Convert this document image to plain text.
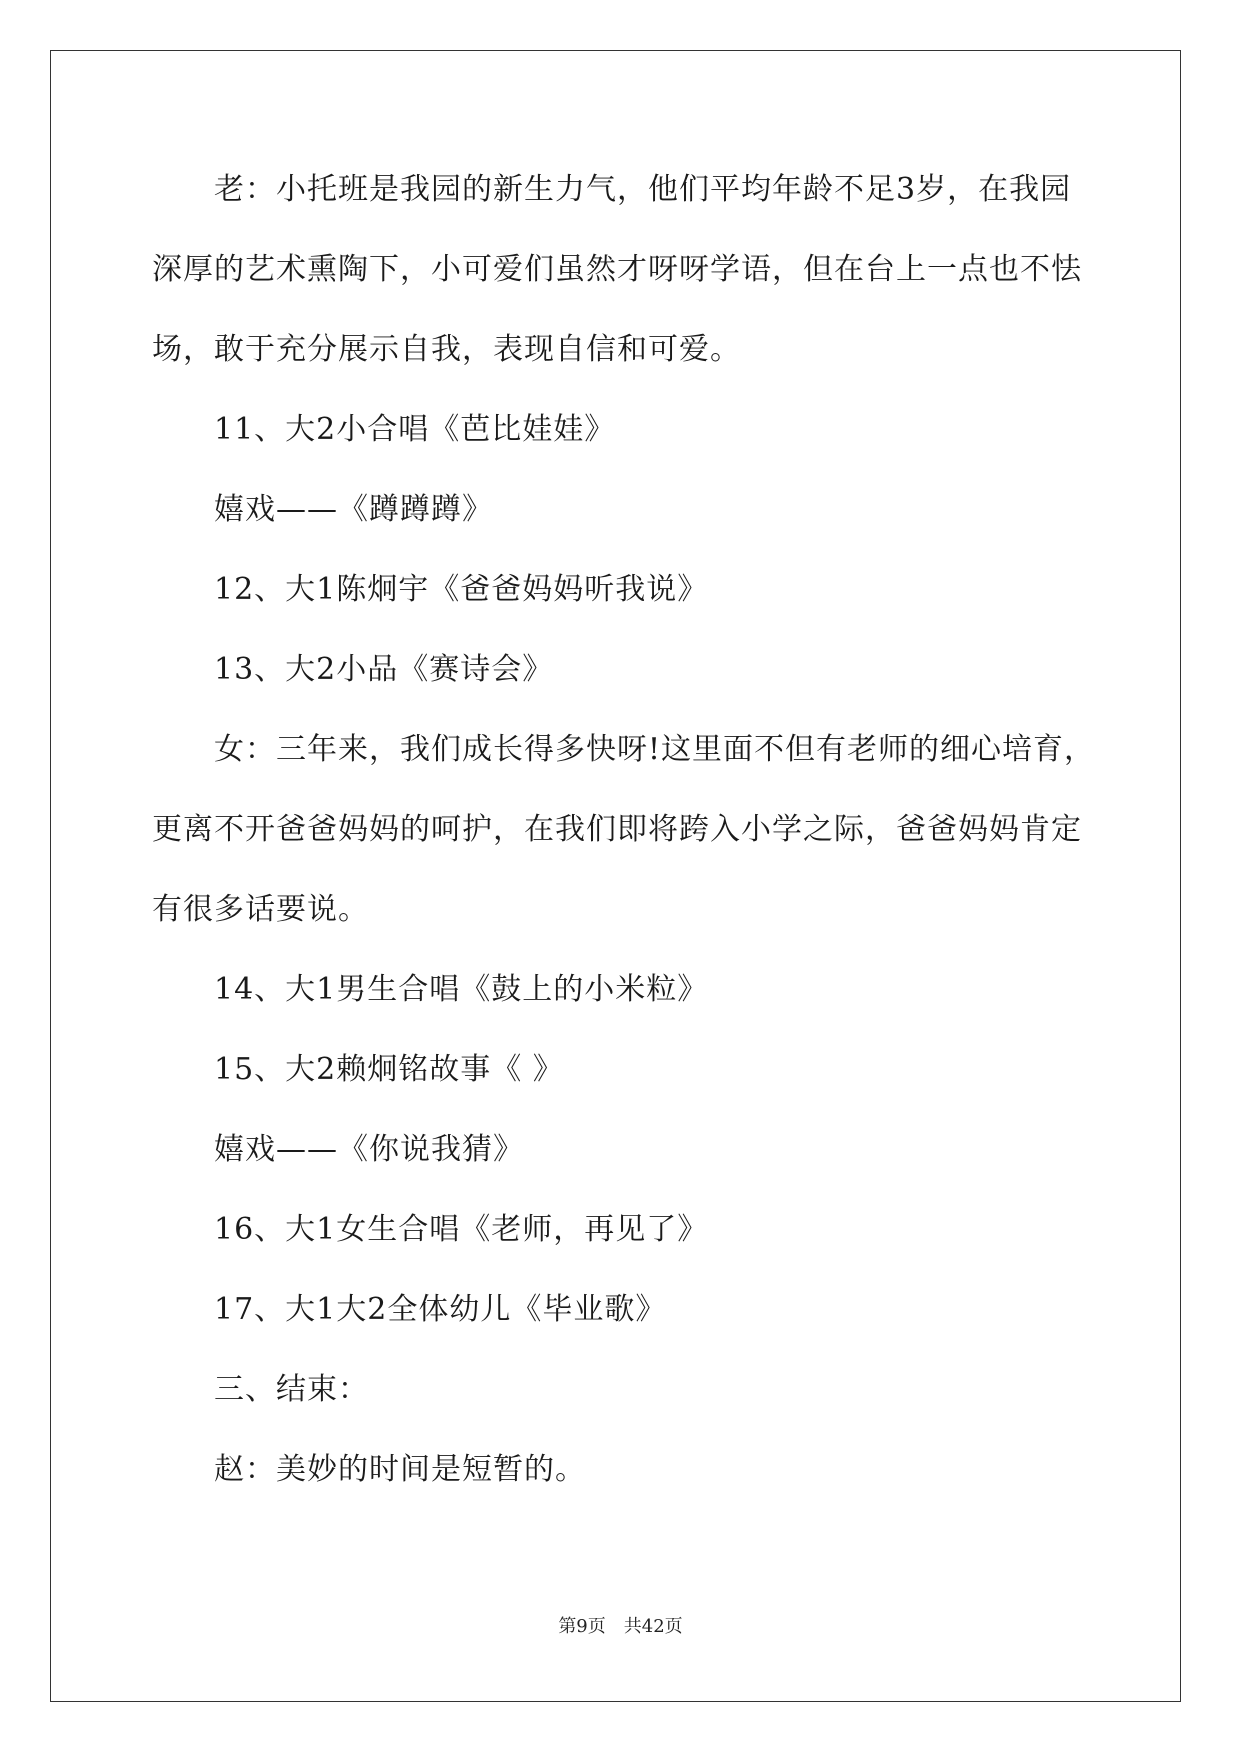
老：小托班是我园的新生力气，他们平均年龄不足3岁，在我园

深厚的艺术熏陶下，小可爱们虽然才呀呀学语，但在台上一点也不怯

场，敢于充分展示自我，表现自信和可爱。

11、大2小合唱《芭比娃娃》

嬉戏——《蹲蹲蹲》

12、大1陈炯宇《爸爸妈妈听我说》

13、大2小品《赛诗会》

女：三年来，我们成长得多快呀!这里面不但有老师的细心培育，

更离不开爸爸妈妈的呵护，在我们即将跨入小学之际，爸爸妈妈肯定

有很多话要说。

14、大1男生合唱《鼓上的小米粒》

15、大2赖炯铭故事《 》

嬉戏——《你说我猜》

16、大1女生合唱《老师，再见了》

17、大1大2全体幼儿《毕业歌》

三、结束：

赵：美妙的时间是短暂的。

第9页　共42页
